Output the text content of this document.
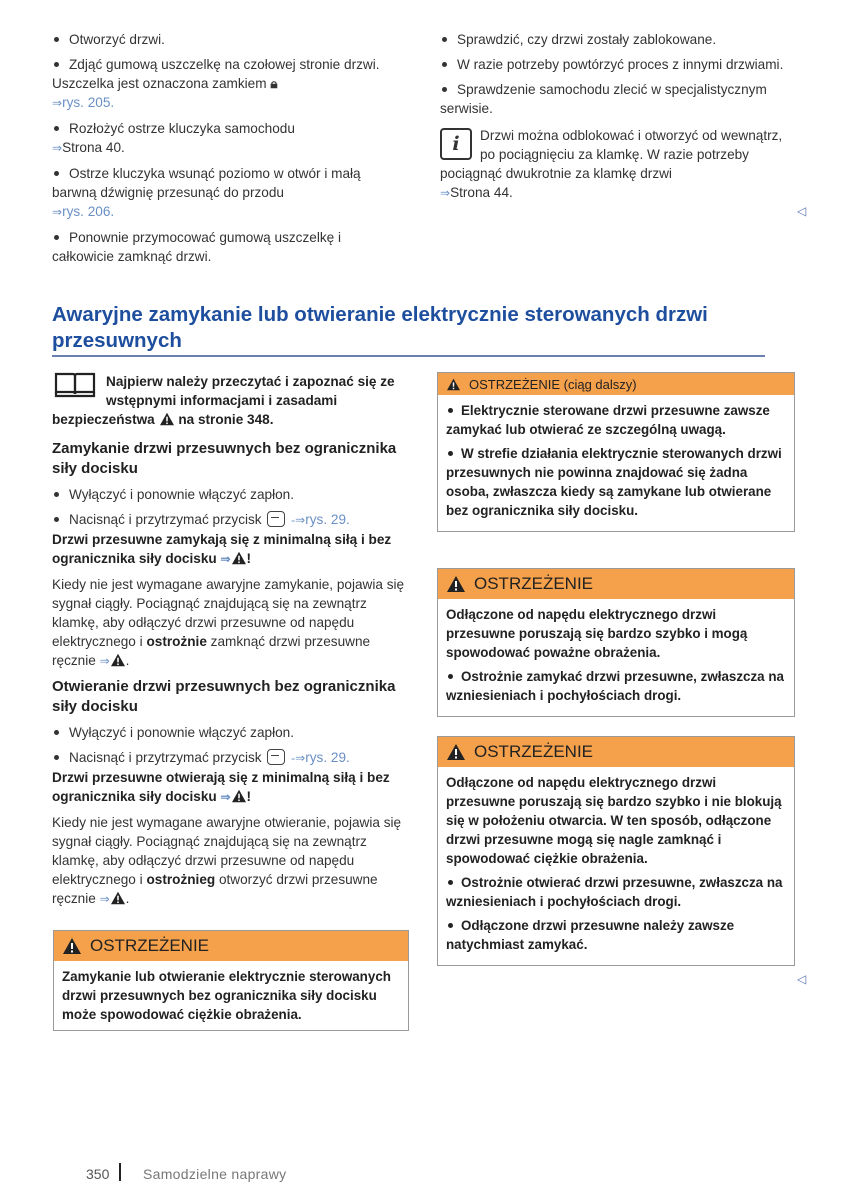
Otworzyć drzwi.

Zdjąć gumową uszczelkę na czołowej stronie drzwi. Uszczelka jest oznaczona zamkiem 🔒︎
⇒rys. 205.

Rozłożyć ostrze kluczyka samochodu
⇒Strona 40.

Ostrze kluczyka wsunąć poziomo w otwór i małą barwną dźwignię przesunąć do przodu
⇒rys. 206.

Ponownie przymocować gumową uszczelkę i całkowicie zamknąć drzwi.

Sprawdzić, czy drzwi zostały zablokowane.

W razie potrzeby powtórzyć proces z innymi drzwiami.

Sprawdzenie samochodu zlecić w specjalistycznym serwisie.

i	Drzwi można odblokować i otworzyć od wewnątrz, po pociągnięciu za klamkę. W razie potrzeby pociągnąć dwukrotnie za klamkę drzwi
⇒Strona 44.
◁
Awaryjne zamykanie lub otwieranie elektrycznie sterowanych drzwi
przesuwnych
Najpierw należy przeczytać i zapoznać się ze wstępnymi informacjami i zasadami bezpieczeństwa na stronie 348.
Zamykanie drzwi przesuwnych bez ogranicznika siły docisku

Wyłączyć i ponownie włączyć zapłon.

Nacisnąć i przytrzymać przycisk -⇒rys. 29.

Drzwi przesuwne zamykają się z minimalną siłą i bez ogranicznika siły docisku ⇒ !

Kiedy nie jest wymagane awaryjne zamykanie, pojawia się sygnał ciągły. Pociągnąć znajdującą się na zewnątrz klamkę, aby odłączyć drzwi przesuwne od napędu elektrycznego i ostrożnie zamknąć drzwi przesuwne ręcznie ⇒ .

Otwieranie drzwi przesuwnych bez ogranicznika siły docisku

Wyłączyć i ponownie włączyć zapłon.

Nacisnąć i przytrzymać przycisk -⇒rys. 29.

Drzwi przesuwne otwierają się z minimalną siłą i bez ogranicznika siły docisku ⇒ !

Kiedy nie jest wymagane awaryjne otwieranie, pojawia się sygnał ciągły. Pociągnąć znajdującą się na zewnątrz klamkę, aby odłączyć drzwi przesuwne od napędu elektrycznego i ostrożnieg otworzyć drzwi przesuwne ręcznie ⇒ .

OSTRZEŻENIE
Zamykanie lub otwieranie elektrycznie sterowanych drzwi przesuwnych bez ogranicznika siły docisku może spowodować ciężkie obrażenia.
OSTRZEŻENIE (ciąg dalszy)

Elektrycznie sterowane drzwi przesuwne zawsze zamykać lub otwierać ze szczególną uwagą.

W strefie działania elektrycznie sterowanych drzwi przesuwnych nie powinna znajdować się żadna osoba, zwłaszcza kiedy są zamykane lub otwierane bez ogranicznika siły docisku.

OSTRZEŻENIE

Odłączone od napędu elektrycznego drzwi przesuwne poruszają się bardzo szybko i mogą spowodować poważne obrażenia.

Ostrożnie zamykać drzwi przesuwne, zwłaszcza na wzniesieniach i pochyłościach drogi.

OSTRZEŻENIE

Odłączone od napędu elektrycznego drzwi przesuwne poruszają się bardzo szybko i nie blokują się w położeniu otwarcia. W ten sposób, odłączone drzwi przesuwne mogą się nagle zamknąć i spowodować ciężkie obrażenia.

Ostrożnie otwierać drzwi przesuwne, zwłaszcza na wzniesieniach i pochyłościach drogi.

Odłączone drzwi przesuwne należy zawsze natychmiast zamykać.

◁
350 Samodzielne naprawy
